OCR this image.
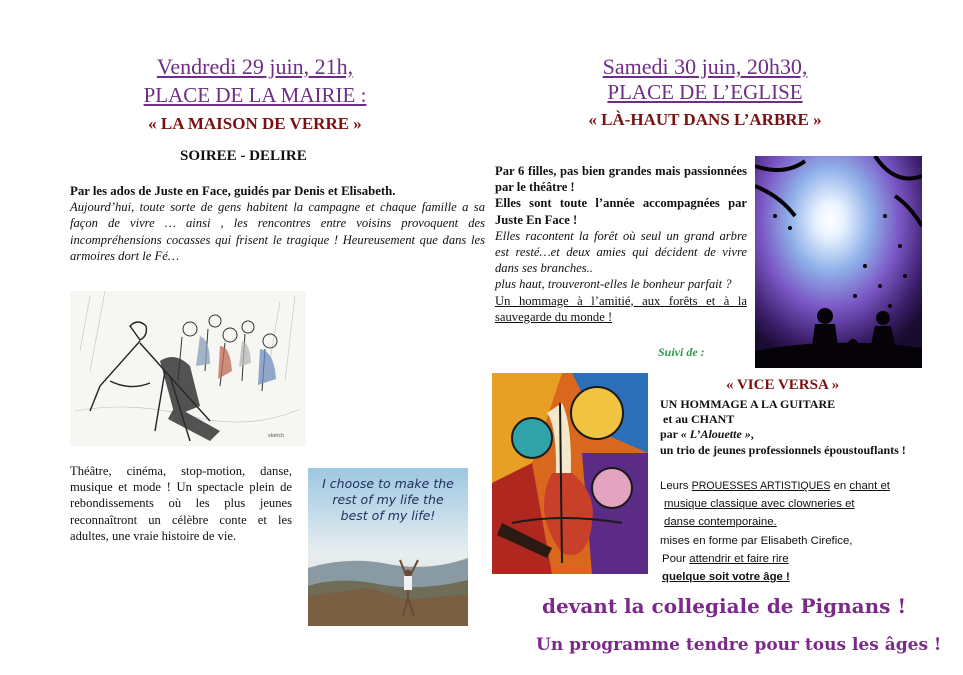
Vendredi 29 juin, 21h,
PLACE DE LA MAIRIE :
« LA MAISON DE VERRE »
SOIREE - DELIRE
Par les ados de Juste en Face, guidés par Denis et Elisabeth.
Aujourd’hui, toute sorte de gens habitent la campagne et chaque famille a sa façon de vivre … ainsi , les rencontres entre voisins provoquent des incompréhensions cocasses qui frisent le tragique ! Heureusement que dans les armoires dort le Fé…
sketch
Théâtre, cinéma, stop-motion, danse, musique et mode ! Un spectacle plein de rebondissements où les plus jeunes reconnaîtront un célèbre conte et les adultes, une vraie histoire de vie.
I choose to make the
rest of my life the
best of my life!
Samedi 30 juin, 20h30,
PLACE DE L’EGLISE
« LÀ-HAUT DANS L’ARBRE »
Par 6 filles, pas bien grandes mais passionnées par le théâtre !
Elles sont toute l’année accompagnées par Juste En Face !
Elles racontent la forêt où seul un grand arbre est resté…et deux amies qui décident de vivre dans ses branches..
plus haut, trouveront-elles le bonheur parfait ?
Un hommage à l’amitié, aux forêts et à la sauvegarde du monde !
Suivi de :
« VICE VERSA »
UN HOMMAGE A LA GUITARE
et au CHANT
par « L’Alouette »,
un trio de jeunes professionnels époustouflants !
Leurs PROUESSES ARTISTIQUES en chant et
musique classique avec clowneries et
danse contemporaine.
mises en forme par Elisabeth Cirefice,
Pour attendrir et faire rire
quelque soit votre âge !
devant la collegiale de Pignans !
Un programme tendre pour tous les âges !
